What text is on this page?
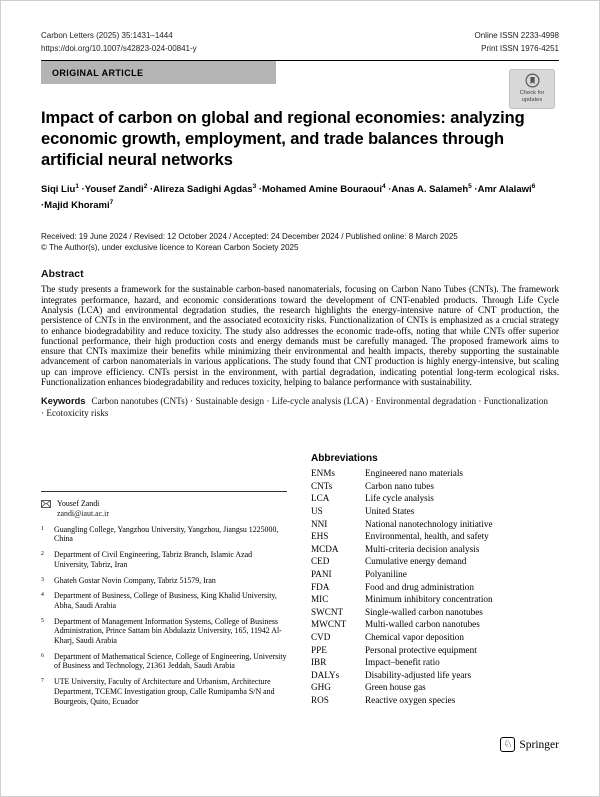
Carbon Letters (2025) 35:1431–1444
https://doi.org/10.1007/s42823-024-00841-y
Online ISSN 2233-4998
Print ISSN 1976-4251
ORIGINAL ARTICLE
Impact of carbon on global and regional economies: analyzing economic growth, employment, and trade balances through artificial neural networks
Siqi Liu$^1$ · Yousef Zandi$^2$ · Alireza Sadighi Agdas$^3$ · Mohamed Amine Bouraoui$^4$ · Anas A. Salameh$^5$ · Amr Alalawi$^6$ ·Majid Khorami$^7$
Received: 19 June 2024 / Revised: 12 October 2024 / Accepted: 24 December 2024 / Published online: 8 March 2025
© The Author(s), under exclusive licence to Korean Carbon Society 2025
Abstract
The study presents a framework for the sustainable carbon-based nanomaterials, focusing on Carbon Nano Tubes (CNTs). The framework integrates performance, hazard, and economic considerations toward the development of CNT-enabled products. Through Life Cycle Analysis (LCA) and environmental degradation studies, the research highlights the energy-intensive nature of CNT production, the persistence of CNTs in the environment, and the associated ecotoxicity risks. Functionalization of CNTs is emphasized as a crucial strategy to enhance biodegradability and reduce toxicity. The study also addresses the economic trade-offs, noting that while CNTs offer superior functional performance, their high production costs and energy demands must be carefully managed. The proposed framework aims to ensure that CNTs maximize their benefits while minimizing their environmental and health impacts, thereby supporting the sustainable advancement of carbon nanomaterials in various applications. The study found that CNT production is highly energy-intensive, but scaling up can improve efficiency. CNTs persist in the environment, with partial degradation, indicating potential long-term ecological risks. Functionalization enhances biodegradability and reduces toxicity, helping to balance performance with sustainability.
Keywords Carbon nanotubes (CNTs) · Sustainable design · Life-cycle analysis (LCA) · Environmental degradation · Functionalization · Ecotoxicity risks
Yousef Zandi
zandi@iaut.ac.ir
1	Guangling College, Yangzhou University, Yangzhou, Jiangsu 1225000, China
2	Department of Civil Engineering, Tabriz Branch, Islamic Azad University, Tabriz, Iran
3	Ghateh Gostar Novin Company, Tabriz 51579, Iran
4	Department of Business, College of Business, King Khalid University, Abha, Saudi Arabia
5	Department of Management Information Systems, College of Business Administration, Prince Sattam bin Abdulaziz University, 165, 11942 Al-Kharj, Saudi Arabia
6	Department of Mathematical Science, College of Engineering, University of Business and Technology, 21361 Jeddah, Saudi Arabia
7	UTE University, Faculty of Architecture and Urbanism, Architecture Department, TCEMC Investigation group, Calle Rumipamba S/N and Bourgeois, Quito, Ecuador
Abbreviations
ENMs	Engineered nano materials
CNTs	Carbon nano tubes
LCA	Life cycle analysis
US	United States
NNI	National nanotechnology initiative
EHS	Environmental, health, and safety
MCDA	Multi-criteria decision analysis
CED	Cumulative energy demand
PANI	Polyaniline
FDA	Food and drug administration
MIC	Minimum inhibitory concentration
SWCNT	Single-walled carbon nanotubes
MWCNT	Multi-walled carbon nanotubes
CVD	Chemical vapor deposition
PPE	Personal protective equipment
IBR	Impact–benefit ratio
DALYs	Disability-adjusted life years
GHG	Green house gas
ROS	Reactive oxygen species
Check for
updates
♘ Springer
